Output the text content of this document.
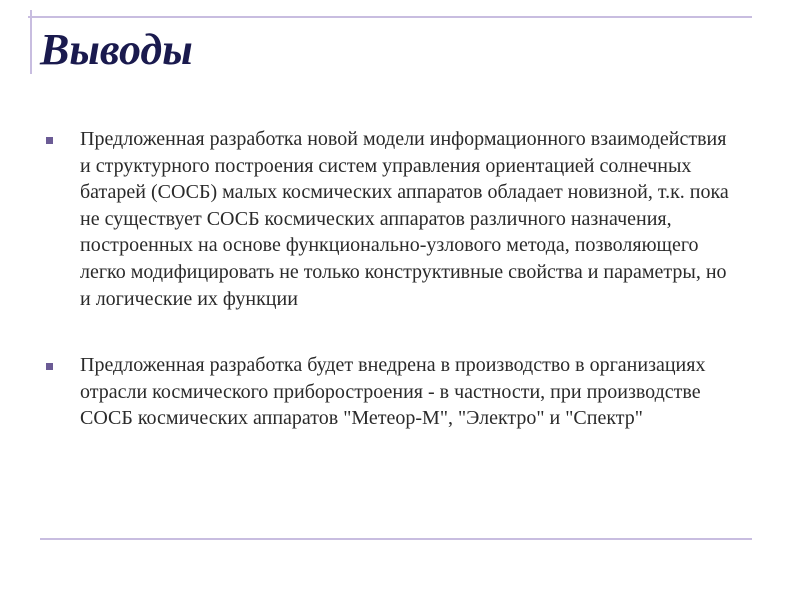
Выводы
Предложенная разработка новой модели информационного взаимодействия и структурного построения систем управления ориентацией солнечных батарей (СОСБ) малых космических аппаратов обладает новизной, т.к. пока не существует СОСБ космических аппаратов различного назначения, построенных на основе функционально-узлового метода, позволяющего легко модифицировать не только конструктивные свойства и параметры, но и логические их функции
Предложенная разработка будет внедрена в производство в организациях отрасли космического приборостроения - в частности, при производстве СОСБ космических аппаратов "Метеор-М", "Электро" и "Спектр"
